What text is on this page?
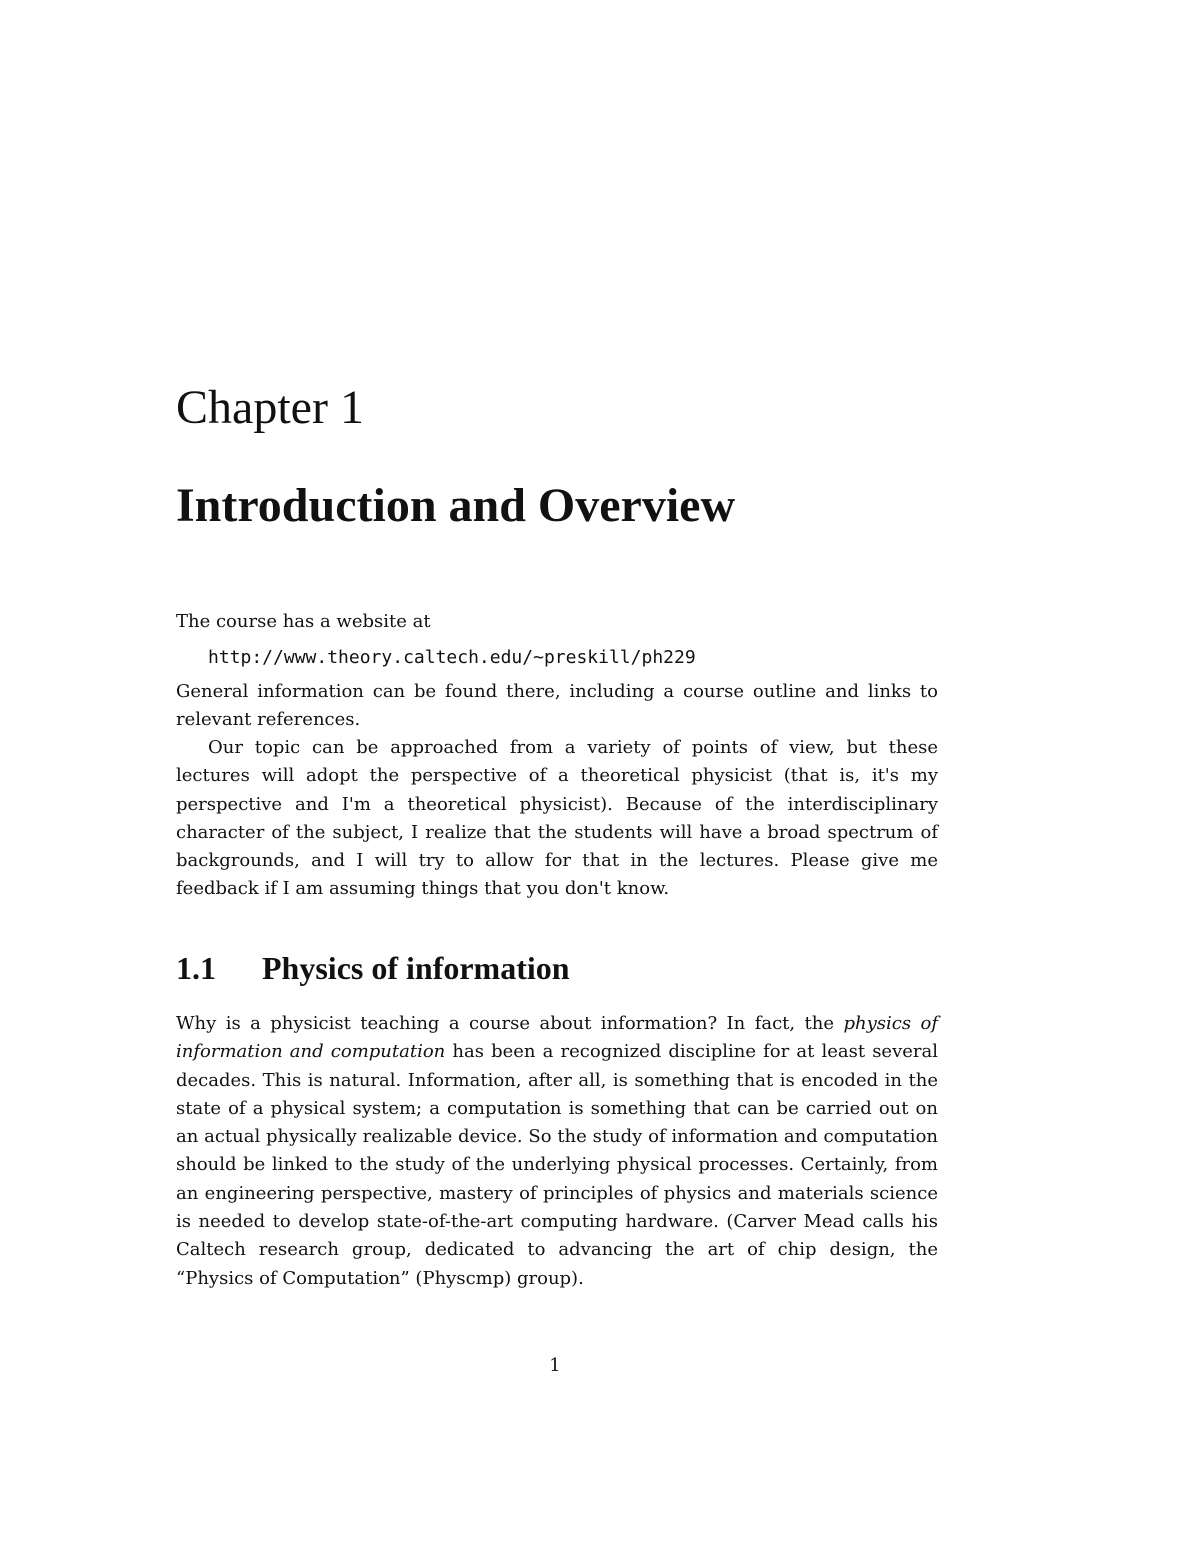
Chapter 1
Introduction and Overview

The course has a website at

http://www.theory.caltech.edu/~preskill/ph229

General information can be found there, including a course outline and links to relevant references.

Our topic can be approached from a variety of points of view, but these lectures will adopt the perspective of a theoretical physicist (that is, it's my perspective and I'm a theoretical physicist). Because of the interdisciplinary character of the subject, I realize that the students will have a broad spectrum of backgrounds, and I will try to allow for that in the lectures. Please give me feedback if I am assuming things that you don't know.

1.1 Physics of information

Why is a physicist teaching a course about information? In fact, the physics of information and computation has been a recognized discipline for at least several decades. This is natural. Information, after all, is something that is encoded in the state of a physical system; a computation is something that can be carried out on an actual physically realizable device. So the study of information and computation should be linked to the study of the underlying physical processes. Certainly, from an engineering perspective, mastery of principles of physics and materials science is needed to develop state-of-the-art computing hardware. (Carver Mead calls his Caltech research group, dedicated to advancing the art of chip design, the “Physics of Computation” (Physcmp) group).

1
